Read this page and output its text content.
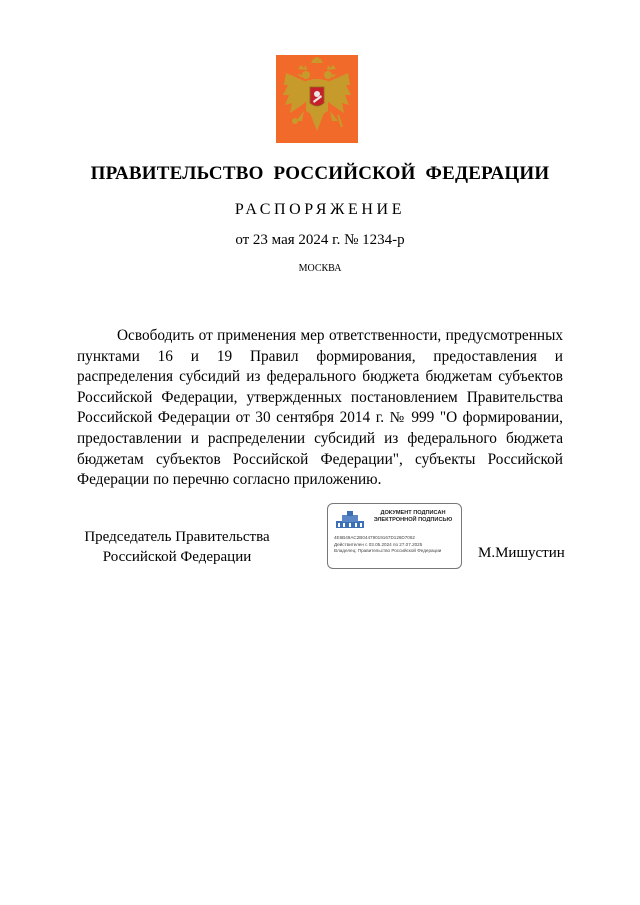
ПРАВИТЕЛЬСТВО РОССИЙСКОЙ ФЕДЕРАЦИИ
РАСПОРЯЖЕНИЕ
от 23 мая 2024 г. № 1234-р
МОСКВА

Освободить от применения мер ответственности, предусмотренных пунктами 16 и 19 Правил формирования, предоставления и распределения субсидий из федерального бюджета бюджетам субъектов Российской Федерации, утвержденных постановлением Правительства Российской Федерации от 30 сентября 2014 г. № 999 "О формировании, предоставлении и распределении субсидий из федерального бюджета бюджетам субъектов Российской Федерации", субъекты Российской Федерации по перечню согласно приложению.

Председатель Правительства
Российской Федерации
ДОКУМЕНТ ПОДПИСАН
ЭЛЕКТРОННОЙ ПОДПИСЬЮ
4E6B49AC2B04479019167D126D7062
Действителен с 03.05.2024 по 27.07.2025
Владелец: Правительство Российской Федерации	М.Мишустин
